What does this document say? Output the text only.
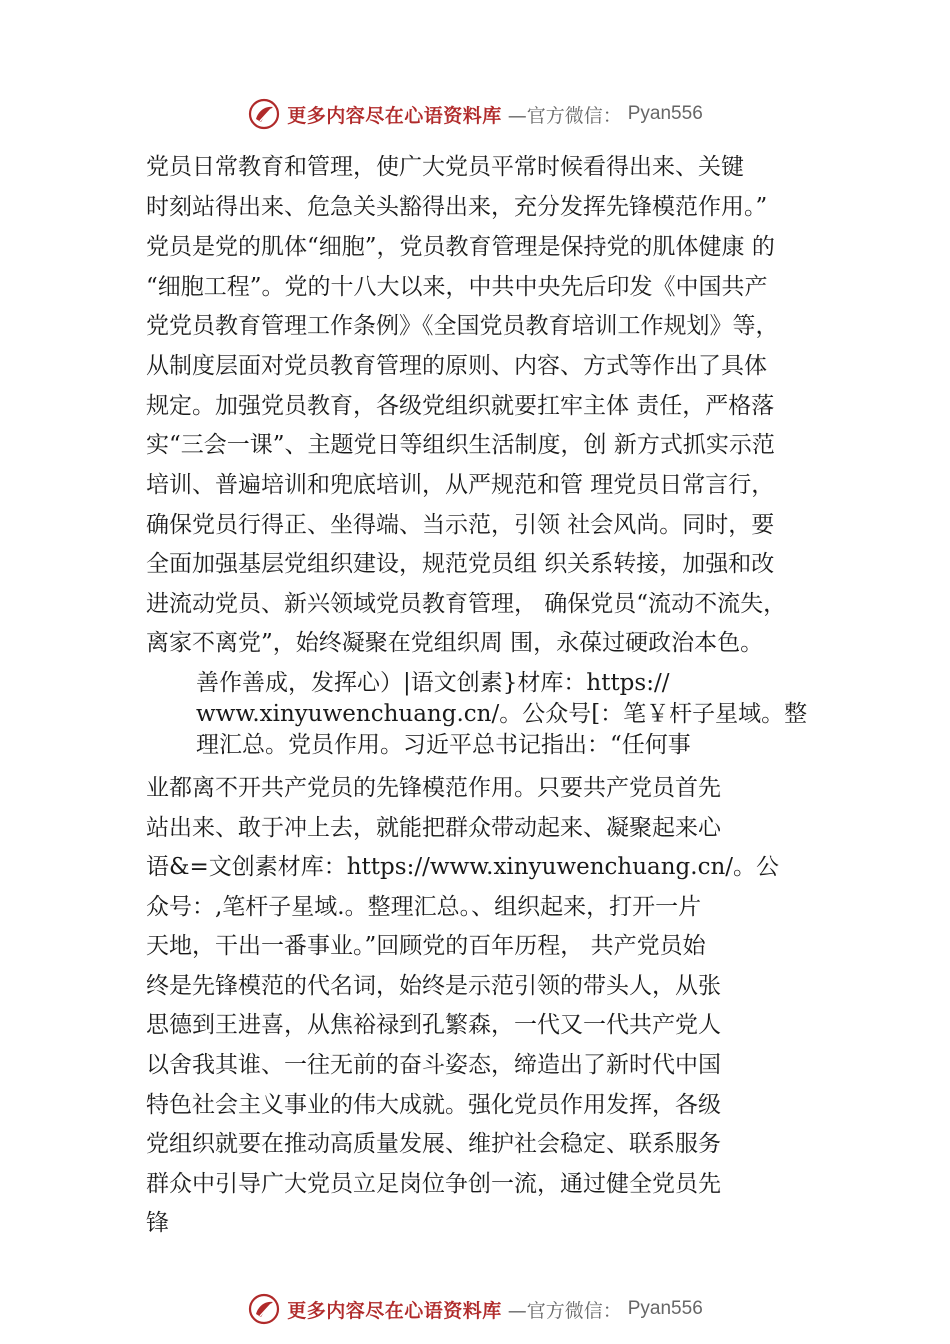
更多内容尽在心语资料库 —官方微信： Pyan556
党员日常教育和管理，使广大党员平常时候看得出来、关键
时刻站得出来、危急关头豁得出来，充分发挥先锋模范作用。”
党员是党的肌体“细胞”，党员教育管理是保持党的肌体健康 的
“细胞工程”。党的十八大以来，中共中央先后印发《中国共产
党党员教育管理工作条例》《全国党员教育培训工作规划》等，
从制度层面对党员教育管理的原则、内容、方式等作出了具体
规定。加强党员教育，各级党组织就要扛牢主体 责任，严格落
实“三会一课”、主题党日等组织生活制度，创 新方式抓实示范
培训、普遍培训和兜底培训，从严规范和管 理党员日常言行，
确保党员行得正、坐得端、当示范，引领 社会风尚。同时，要
全面加强基层党组织建设，规范党员组 织关系转接，加强和改
进流动党员、新兴领域党员教育管理， 确保党员“流动不流失，
离家不离党”，始终凝聚在党组织周 围，永葆过硬政治本色。
善作善成，发挥心）|语文创素}材库：https://
www.xinyuwenchuang.cn/。公众号[：笔￥杆子星域。整
理汇总。党员作用。习近平总书记指出：“任何事
业都离不开共产党员的先锋模范作用。只要共产党员首先
站出来、敢于冲上去，就能把群众带动起来、凝聚起来心
语&=文创素材库：https://www.xinyuwenchuang.cn/。公
众号：,笔杆子星域.。整理汇总。、组织起来，打开一片
天地，干出一番事业。”回顾党的百年历程， 共产党员始
终是先锋模范的代名词，始终是示范引领的带头人，从张
思德到王进喜，从焦裕禄到孔繁森，一代又一代共产党人
以舍我其谁、一往无前的奋斗姿态，缔造出了新时代中国
特色社会主义事业的伟大成就。强化党员作用发挥，各级
党组织就要在推动高质量发展、维护社会稳定、联系服务
群众中引导广大党员立足岗位争创一流，通过健全党员先
锋
更多内容尽在心语资料库 —官方微信： Pyan556
